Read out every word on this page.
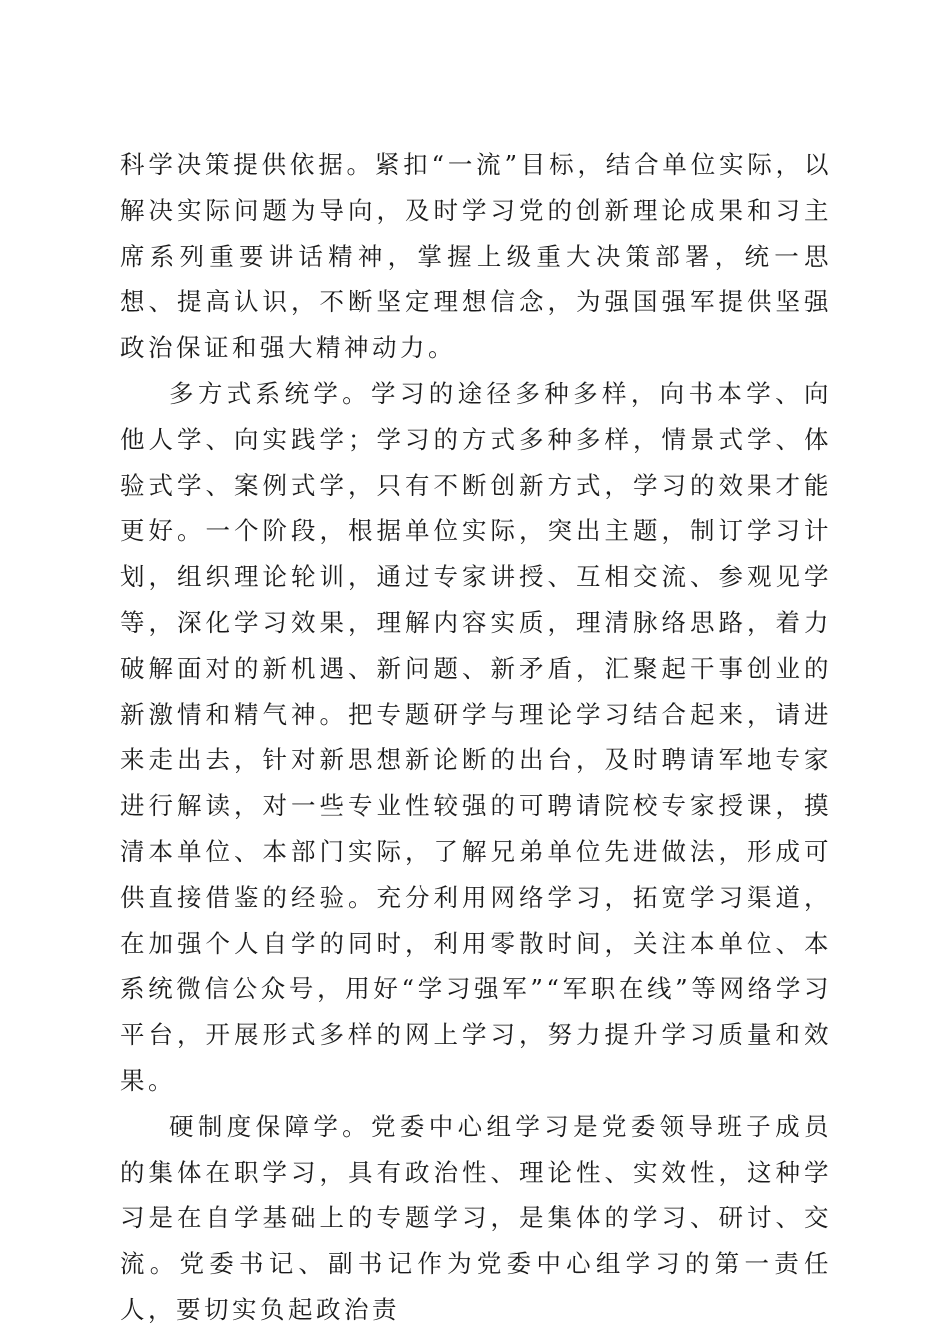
科学决策提供依据。紧扣“一流”目标，结合单位实际，以解决实际问题为导向，及时学习党的创新理论成果和习主席系列重要讲话精神，掌握上级重大决策部署，统一思想、提高认识，不断坚定理想信念，为强国强军提供坚强政治保证和强大精神动力。

多方式系统学。学习的途径多种多样，向书本学、向他人学、向实践学；学习的方式多种多样，情景式学、体验式学、案例式学，只有不断创新方式，学习的效果才能更好。一个阶段，根据单位实际，突出主题，制订学习计划，组织理论轮训，通过专家讲授、互相交流、参观见学等，深化学习效果，理解内容实质，理清脉络思路，着力破解面对的新机遇、新问题、新矛盾，汇聚起干事创业的新激情和精气神。把专题研学与理论学习结合起来，请进来走出去，针对新思想新论断的出台，及时聘请军地专家进行解读，对一些专业性较强的可聘请院校专家授课，摸清本单位、本部门实际，了解兄弟单位先进做法，形成可供直接借鉴的经验。充分利用网络学习，拓宽学习渠道，在加强个人自学的同时，利用零散时间，关注本单位、本系统微信公众号，用好“学习强军”“军职在线”等网络学习平台，开展形式多样的网上学习，努力提升学习质量和效果。

硬制度保障学。党委中心组学习是党委领导班子成员的集体在职学习，具有政治性、理论性、实效性，这种学习是在自学基础上的专题学习，是集体的学习、研讨、交流。党委书记、副书记作为党委中心组学习的第一责任人，要切实负起政治责
